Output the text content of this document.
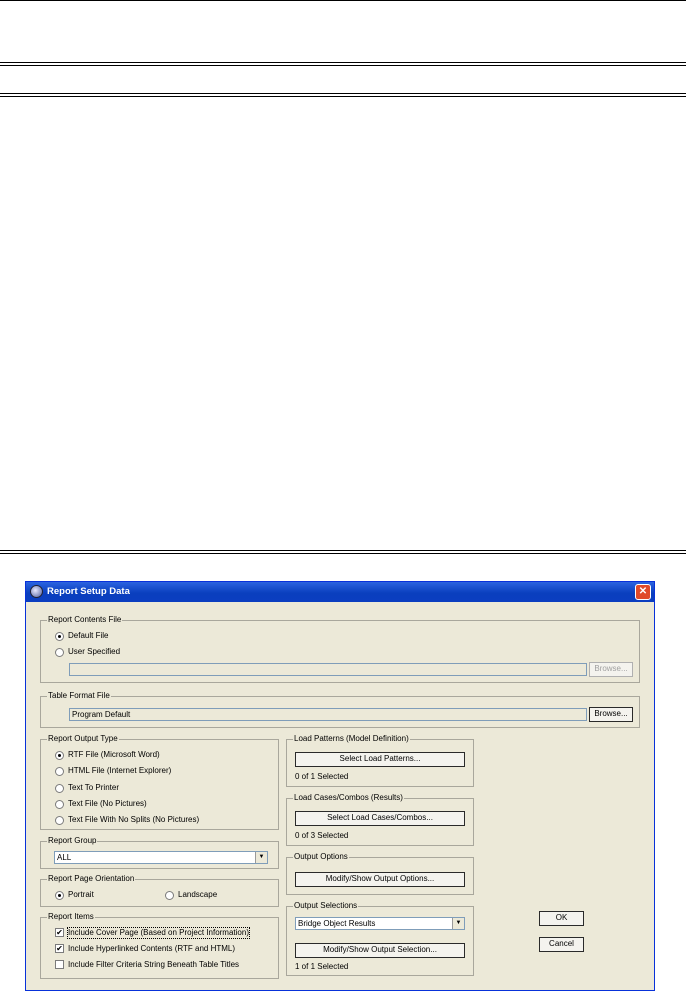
Report Setup Data	✕
Report Contents File
Default File
User Specified
Browse...
Table Format File
Program Default	Browse...
Report Output Type
RTF File (Microsoft Word)
HTML File (Internet Explorer)
Text To Printer
Text File (No Pictures)
Text File With No Splits (No Pictures)
Report Group
ALL	▼
Report Page Orientation
Portrait	Landscape
Report Items
✔ Include Cover Page (Based on Project Information)
✔ Include Hyperlinked Contents (RTF and HTML)
Include Filter Criteria String Beneath Table Titles
Load Patterns (Model Definition)
Select Load Patterns...
0 of 1 Selected
Load Cases/Combos (Results)
Select Load Cases/Combos...
0 of 3 Selected
Output Options
Modify/Show Output Options...
Output Selections
Bridge Object Results	▼
Modify/Show Output Selection...
1 of 1 Selected
OK
Cancel
